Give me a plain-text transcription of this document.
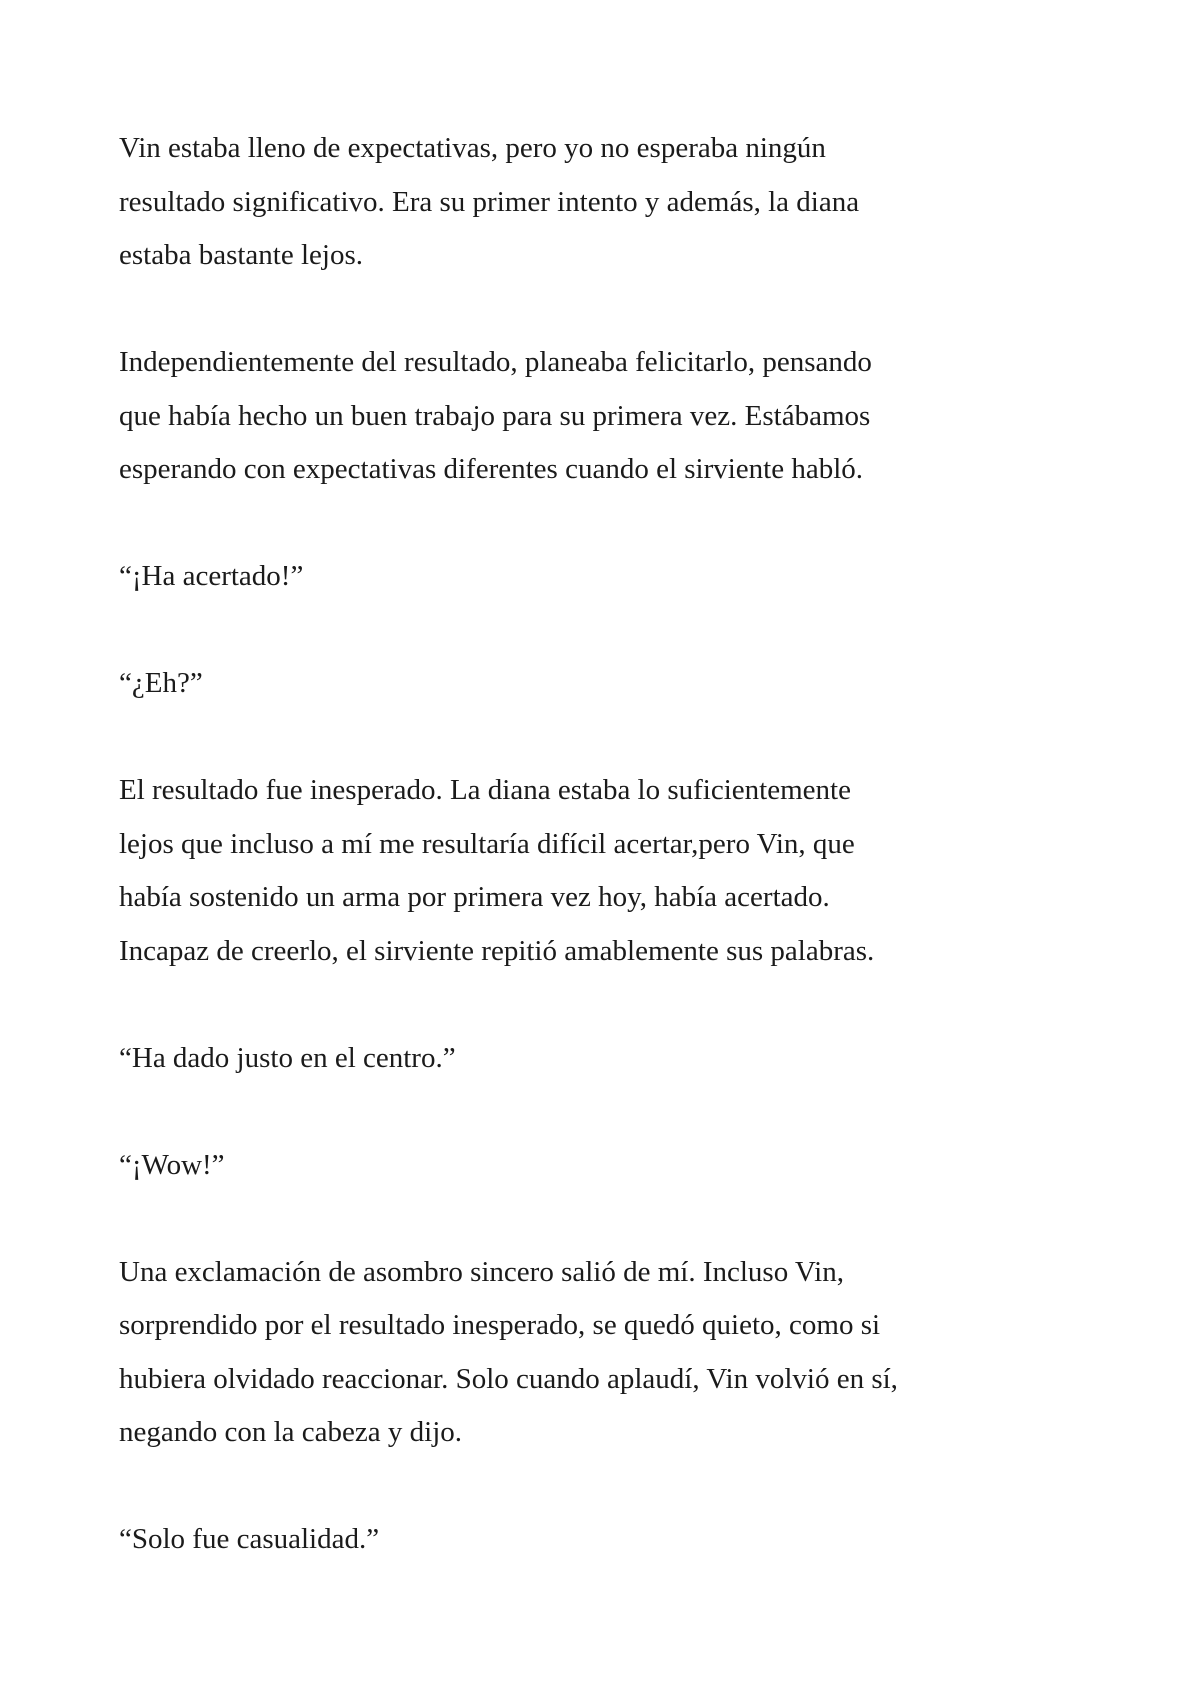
Vin estaba lleno de expectativas, pero yo no esperaba ningún
resultado significativo. Era su primer intento y además, la diana
estaba bastante lejos.
Independientemente del resultado, planeaba felicitarlo, pensando
que había hecho un buen trabajo para su primera vez. Estábamos
esperando con expectativas diferentes cuando el sirviente habló.
“¡Ha acertado!”
“¿Eh?”
El resultado fue inesperado. La diana estaba lo suficientemente
lejos que incluso a mí me resultaría difícil acertar,pero Vin, que
había sostenido un arma por primera vez hoy, había acertado.
Incapaz de creerlo, el sirviente repitió amablemente sus palabras.
“Ha dado justo en el centro.”
“¡Wow!”
Una exclamación de asombro sincero salió de mí. Incluso Vin,
sorprendido por el resultado inesperado, se quedó quieto, como si
hubiera olvidado reaccionar. Solo cuando aplaudí, Vin volvió en sí,
negando con la cabeza y dijo.
“Solo fue casualidad.”
